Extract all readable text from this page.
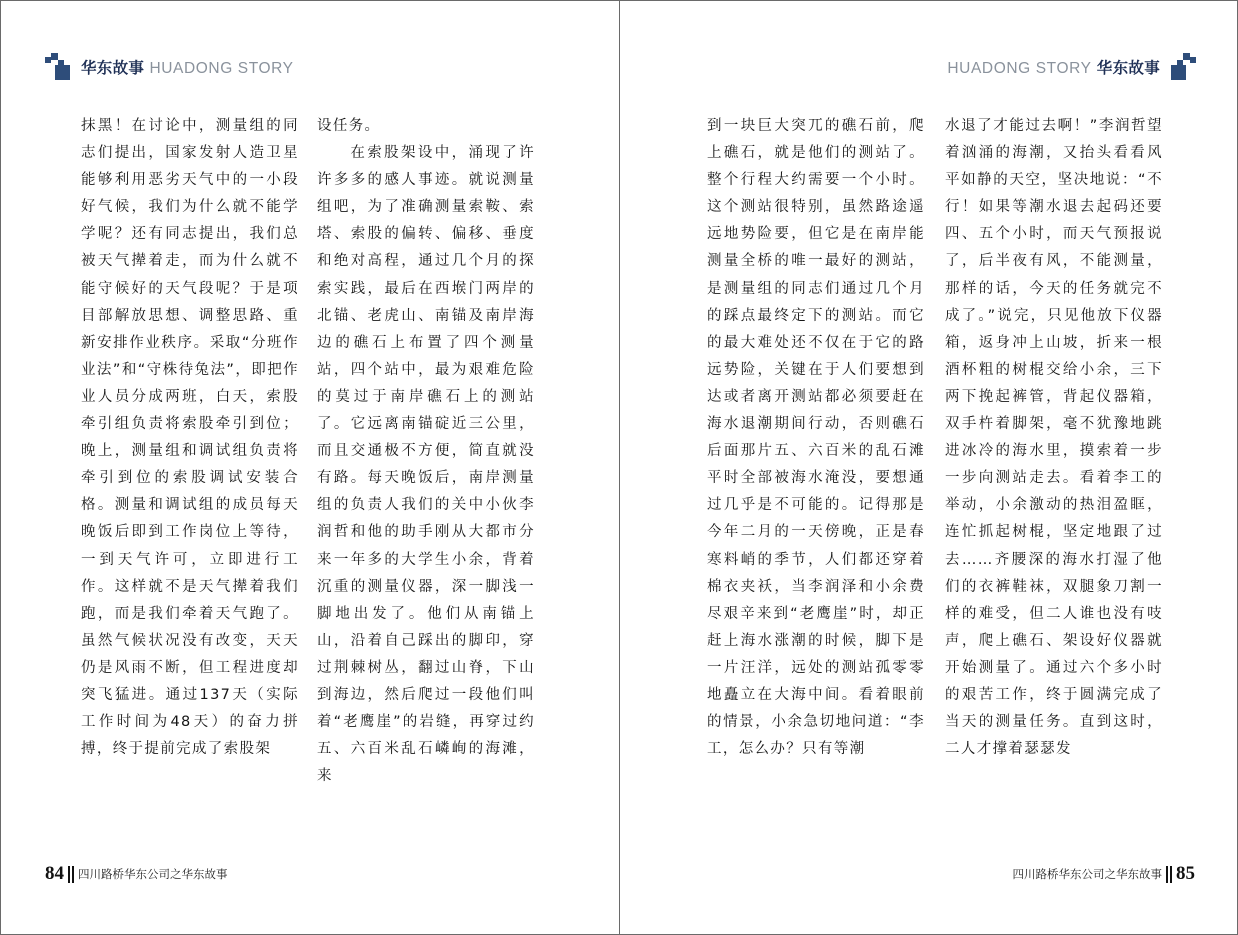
华东故事 HUADONG STORY

抹黑！在讨论中，测量组的同志们提出，国家发射人造卫星能够利用恶劣天气中的一小段好气候，我们为什么就不能学学呢？还有同志提出，我们总被天气撵着走，而为什么就不能守候好的天气段呢？于是项目部解放思想、调整思路、重新安排作业秩序。采取“分班作业法”和“守株待兔法”，即把作业人员分成两班，白天，索股牵引组负责将索股牵引到位；晚上，测量组和调试组负责将牵引到位的索股调试安装合格。测量和调试组的成员每天晚饭后即到工作岗位上等待，一到天气许可，立即进行工作。这样就不是天气撵着我们跑，而是我们牵着天气跑了。虽然气候状况没有改变，天天仍是风雨不断，但工程进度却突飞猛进。通过137天（实际工作时间为48天）的奋力拼搏，终于提前完成了索股架

设任务。

在索股架设中，涌现了许许多多的感人事迹。就说测量组吧，为了准确测量索鞍、索塔、索股的偏转、偏移、垂度和绝对高程，通过几个月的探索实践，最后在西堠门两岸的北锚、老虎山、南锚及南岸海边的礁石上布置了四个测量站，四个站中，最为艰难危险的莫过于南岸礁石上的测站了。它远离南锚碇近三公里，而且交通极不方便，简直就没有路。每天晚饭后，南岸测量组的负责人我们的关中小伙李润哲和他的助手刚从大都市分来一年多的大学生小余，背着沉重的测量仪器，深一脚浅一脚地出发了。他们从南锚上山，沿着自己踩出的脚印，穿过荆棘树丛，翻过山脊，下山到海边，然后爬过一段他们叫着“老鹰崖”的岩缝，再穿过约五、六百米乱石嶙峋的海滩，来

84 四川路桥华东公司之华东故事
HUADONG STORY 华东故事

到一块巨大突兀的礁石前，爬上礁石，就是他们的测站了。整个行程大约需要一个小时。这个测站很特别，虽然路途遥远地势险要，但它是在南岸能测量全桥的唯一最好的测站，是测量组的同志们通过几个月的踩点最终定下的测站。而它的最大难处还不仅在于它的路远势险，关键在于人们要想到达或者离开测站都必须要赶在海水退潮期间行动，否则礁石后面那片五、六百米的乱石滩平时全部被海水淹没，要想通过几乎是不可能的。记得那是今年二月的一天傍晚，正是春寒料峭的季节，人们都还穿着棉衣夹袄，当李润泽和小余费尽艰辛来到“老鹰崖”时，却正赶上海水涨潮的时候，脚下是一片汪洋，远处的测站孤零零地矗立在大海中间。看着眼前的情景，小余急切地问道：“李工，怎么办？只有等潮

水退了才能过去啊！”李润哲望着汹涌的海潮，又抬头看看风平如静的天空，坚决地说：“不行！如果等潮水退去起码还要四、五个小时，而天气预报说了，后半夜有风，不能测量，那样的话，今天的任务就完不成了。”说完，只见他放下仪器箱，返身冲上山坡，折来一根酒杯粗的树棍交给小余，三下两下挽起裤管，背起仪器箱，双手杵着脚架，毫不犹豫地跳进冰冷的海水里，摸索着一步一步向测站走去。看着李工的举动，小余激动的热泪盈眶，连忙抓起树棍，坚定地跟了过去……齐腰深的海水打湿了他们的衣裤鞋袜，双腿象刀割一样的难受，但二人谁也没有吱声，爬上礁石、架设好仪器就开始测量了。通过六个多小时的艰苦工作，终于圆满完成了当天的测量任务。直到这时，二人才撑着瑟瑟发

四川路桥华东公司之华东故事 85
